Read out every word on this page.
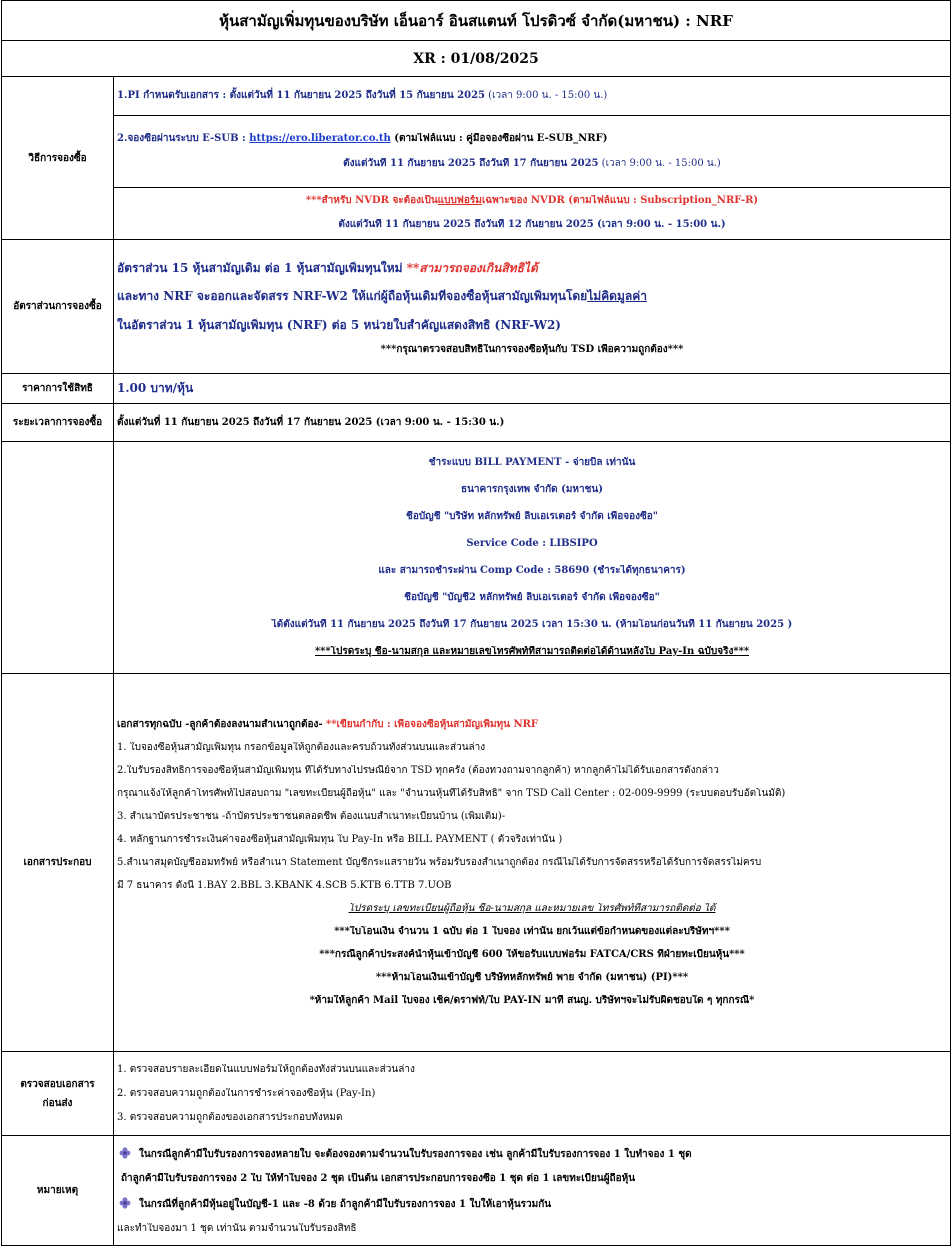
หุ้นสามัญเพิ่มทุนของบริษัท เอ็นอาร์ อินสแตนท์ โปรดิวซ์ จำกัด(มหาชน) : NRF
XR : 01/08/2025
วิธีการจองซื้อ	
1.PI กำหนดรับเอกสาร : ตั้งแต่วันที่ 11 กันยายน 2025 ถึงวันที่ 15 กันยายน 2025 (เวลา 9:00 น. - 15:00 น.)

2.จองซื้อผ่านระบบ E-SUB : https://ero.liberator.co.th (ตามไฟล์แนบ : คู่มือจองซื้อผ่าน E-SUB_NRF)
ตั้งแต่วันที่ 11 กันยายน 2025 ถึงวันที่ 17 กันยายน 2025 (เวลา 9:00 น. - 15:00 น.)

***สำหรับ NVDR จะต้องเป็นแบบฟอร์มเฉพาะของ NVDR (ตามไฟล์แนบ : Subscription_NRF-R)
ตั้งแต่วันที่ 11 กันยายน 2025 ถึงวันที่ 12 กันยายน 2025 (เวลา 9:00 น. - 15:00 น.)

อัตราส่วนการจองซื้อ	
อัตราส่วน 15 หุ้นสามัญเดิม ต่อ 1 หุ้นสามัญเพิ่มทุนใหม่ **สามารถจองเกินสิทธิได้
และทาง NRF จะออกและจัดสรร NRF-W2 ให้แก่ผู้ถือหุ้นเดิมที่จองซื้อหุ้นสามัญเพิ่มทุนโดยไม่คิดมูลค่า
ในอัตราส่วน 1 หุ้นสามัญเพิ่มทุน (NRF) ต่อ 5 หน่วยใบสำคัญแสดงสิทธิ (NRF-W2)
***กรุณาตรวจสอบสิทธิในการจองซื้อหุ้นกับ TSD เพื่อความถูกต้อง***

ราคาการใช้สิทธิ	1.00 บาท/หุ้น
ระยะเวลาการจองซื้อ	ตั้งแต่วันที่ 11 กันยายน 2025 ถึงวันที่ 17 กันยายน 2025 (เวลา 9:00 น. - 15:30 น.)

ชำระแบบ BILL PAYMENT - จ่ายบิล เท่านั้น
ธนาคารกรุงเทพ จำกัด (มหาชน)
ชื่อบัญชี "บริษัท หลักทรัพย์ ลิบเอเรเตอร์ จำกัด เพื่อจองซื้อ"
Service Code : LIBSIPO
และ สามารถชำระผ่าน Comp Code : 58690 (ชำระได้ทุกธนาคาร)
ชื่อบัญชี "บัญชี2 หลักทรัพย์ ลิบเอเรเตอร์ จำกัด เพื่อจองซื้อ"
ได้ตั้งแต่วันที่ 11 กันยายน 2025 ถึงวันที่ 17 กันยายน 2025 เวลา 15:30 น. (ห้ามโอนก่อนวันที่ 11 กันยายน 2025 )
***โปรดระบุ ชื่อ-นามสกุล และหมายเลขโทรศัพท์ที่สามารถติดต่อได้ด้านหลังใบ Pay-In ฉบับจริง***

เอกสารประกอบ	
เอกสารทุกฉบับ -ลูกค้าต้องลงนามสำเนาถูกต้อง- **เขียนกำกับ : เพื่อจองซื้อหุ้นสามัญเพิ่มทุน NRF
1. ใบจองซื้อหุ้นสามัญเพิ่มทุน กรอกข้อมูลให้ถูกต้องและครบถ้วนทั้งส่วนบนและส่วนล่าง
2.ใบรับรองสิทธิการจองซื้อหุ้นสามัญเพิ่มทุน ที่ได้รับทางไปรษณีย์จาก TSD ทุกครั้ง (ต้องทวงถามจากลูกค้า) หากลูกค้าไม่ได้รับเอกสารดังกล่าว
กรุณาแจ้งให้ลูกค้าโทรศัพท์ไปสอบถาม "เลขทะเบียนผู้ถือหุ้น" และ "จำนวนหุ้นที่ได้รับสิทธิ" จาก TSD Call Center : 02-009-9999 (ระบบตอบรับอัตโนมัติ)
3. สำเนาบัตรประชาชน -ถ้าบัตรประชาชนตลอดชีพ ต้องแนบสำเนาทะเบียนบ้าน (เพิ่มเติม)-
4. หลักฐานการชำระเงินค่าจองซื้อหุ้นสามัญเพิ่มทุน ใบ Pay-In หรือ BILL PAYMENT ( ตัวจริงเท่านั้น )
5.สำเนาสมุดบัญชีออมทรัพย์ หรือสำเนา Statement บัญชีกระแสรายวัน พร้อมรับรองสำเนาถูกต้อง กรณีไม่ได้รับการจัดสรรหรือได้รับการจัดสรรไม่ครบ
มี 7 ธนาคาร ดังนี้ 1.BAY 2.BBL 3.KBANK 4.SCB 5.KTB 6.TTB 7.UOB
โปรดระบุ เลขทะเบียนผู้ถือหุ้น ชื่อ-นามสกุล และหมายเลข โทรศัพท์ที่สามารถติดต่อ ได้
***ใบโอนเงิน จำนวน 1 ฉบับ ต่อ 1 ใบจอง เท่านั้น ยกเว้นแต่ข้อกำหนดของแต่ละบริษัทฯ***
***กรณีลูกค้าประสงค์นำหุ้นเข้าบัญชี 600 ให้ขอรับแบบฟอร์ม FATCA/CRS ที่ฝ่ายทะเบียนหุ้น***
***ห้ามโอนเงินเข้าบัญชี บริษัทหลักทรัพย์ พาย จำกัด (มหาชน) (PI)***
*ห้ามให้ลูกค้า Mail ใบจอง เช็ค/ดราฟท์/ใบ PAY-IN มาที่ สนญ. บริษัทฯจะไม่รับผิดชอบใด ๆ ทุกกรณี*

ตรวจสอบเอกสาร
ก่อนส่ง

1. ตรวจสอบรายละเอียดในแบบฟอร์มให้ถูกต้องทั้งส่วนบนและส่วนล่าง
2. ตรวจสอบความถูกต้องในการชำระค่าจองซื้อหุ้น (Pay-In)
3. ตรวจสอบความถูกต้องของเอกสารประกอบทั้งหมด

หมายเหตุ	
ในกรณีลูกค้ามีใบรับรองการจองหลายใบ จะต้องจองตามจำนวนใบรับรองการจอง เช่น ลูกค้ามีใบรับรองการจอง 1 ใบทำจอง 1 ชุด
ถ้าลูกค้ามีใบรับรองการจอง 2 ใบ ให้ทำใบจอง 2 ชุด เป็นต้น เอกสารประกอบการจองซื้อ 1 ชุด ต่อ 1 เลขทะเบียนผู้ถือหุ้น
ในกรณีที่ลูกค้ามีหุ้นอยู่ในบัญชี-1 และ -8 ด้วย ถ้าลูกค้ามีใบรับรองการจอง 1 ใบให้เอาหุ้นรวมกัน
และทำใบจองมา 1 ชุด เท่านั้น ตามจำนวนใบรับรองสิทธิ
